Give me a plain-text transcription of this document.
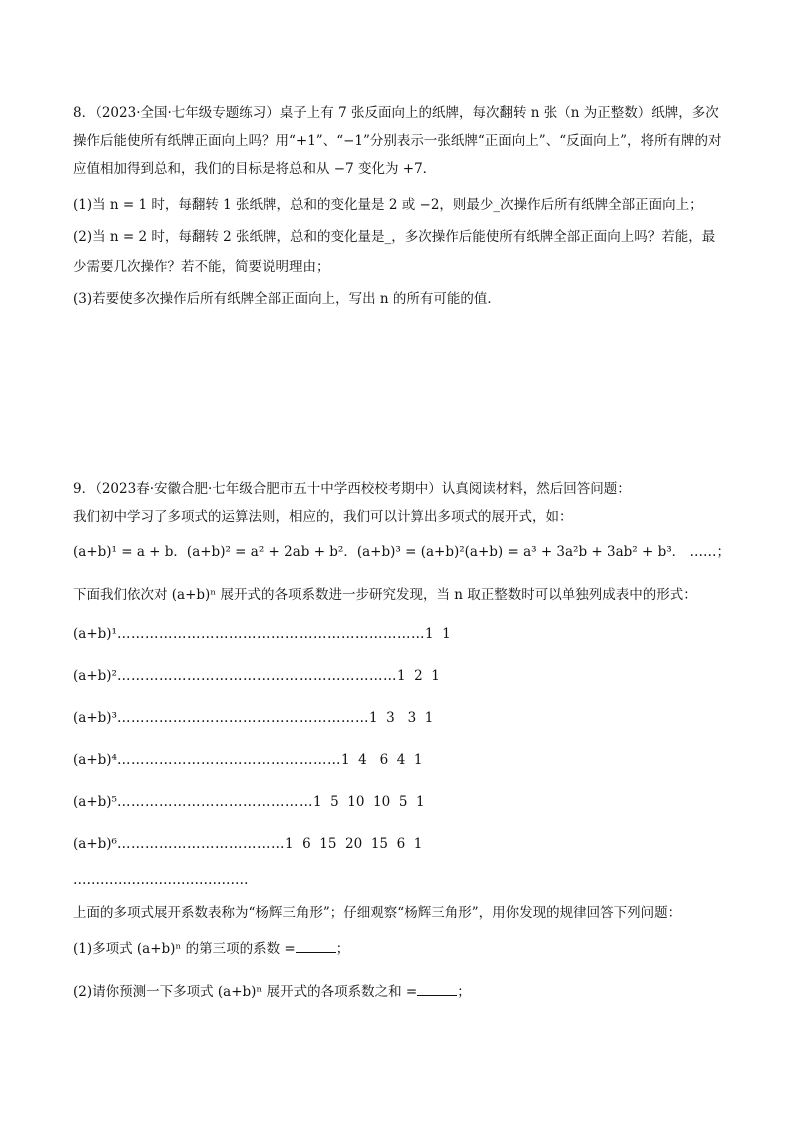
8．（2023·全国·七年级专题练习）桌子上有 7 张反面向上的纸牌，每次翻转 n 张（n 为正整数）纸牌，多次
操作后能使所有纸牌正面向上吗？用“+1”、“−1”分别表示一张纸牌“正面向上”、“反面向上”，将所有牌的对
应值相加得到总和，我们的目标是将总和从 −7 变化为 +7．
(1)当 n = 1 时，每翻转 1 张纸牌，总和的变化量是 2 或 −2，则最少_次操作后所有纸牌全部正面向上；
(2)当 n = 2 时，每翻转 2 张纸牌，总和的变化量是_，多次操作后能使所有纸牌全部正面向上吗？若能，最
少需要几次操作？若不能，简要说明理由；
(3)若要使多次操作后所有纸牌全部正面向上，写出 n 的所有可能的值．
9．（2023春·安徽合肥·七年级合肥市五十中学西校校考期中）认真阅读材料，然后回答问题：
我们初中学习了多项式的运算法则，相应的，我们可以计算出多项式的展开式，如：
(a+b)¹ = a + b．(a+b)² = a² + 2ab + b²．(a+b)³ = (a+b)²(a+b) = a³ + 3a²b + 3ab² + b³． ……；
下面我们依次对 (a+b)ⁿ 展开式的各项系数进一步研究发现，当 n 取正整数时可以单独列成表中的形式：
(a+b)¹…………………………………………………………1  1
(a+b)²……………………………………………………1  2  1
(a+b)³………………………………………………1  3   3  1
(a+b)⁴…………………………………………1  4   6  4  1
(a+b)⁵……………………………………1  5  10  10  5  1
(a+b)⁶………………………………1  6  15  20  15  6  1
…………………………………
上面的多项式展开系数表称为“杨辉三角形”；仔细观察“杨辉三角形”，用你发现的规律回答下列问题：
(1)多项式 (a+b)ⁿ 的第三项的系数 =	；
(2)请你预测一下多项式 (a+b)ⁿ 展开式的各项系数之和 =	；
